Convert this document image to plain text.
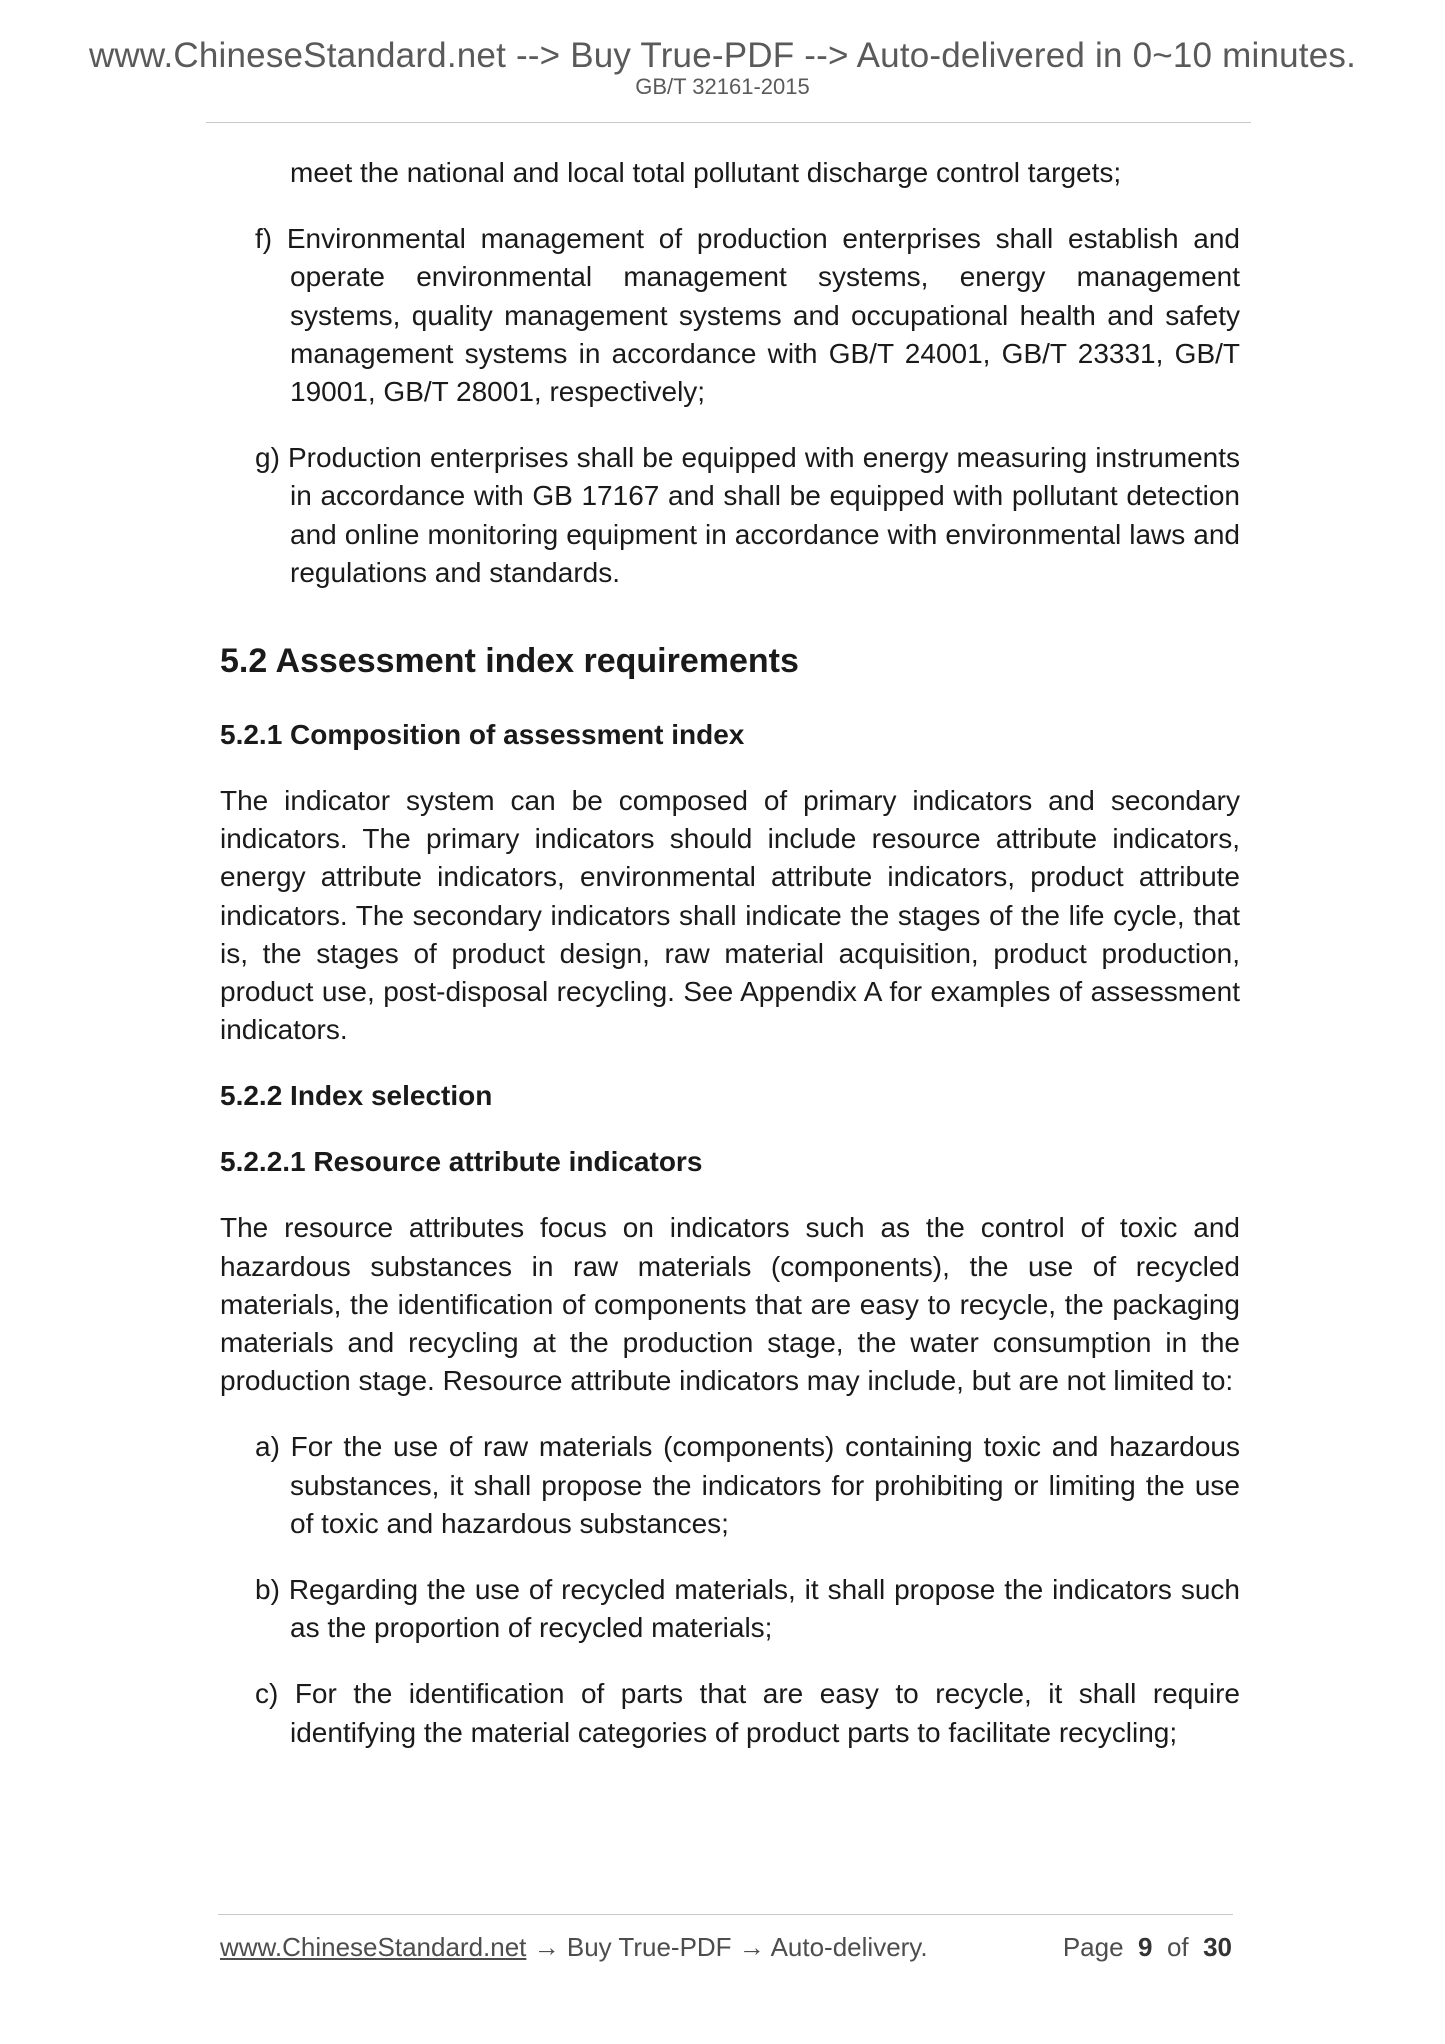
www.ChineseStandard.net --> Buy True-PDF --> Auto-delivered in 0~10 minutes.
GB/T 32161-2015

meet the national and local total pollutant discharge control targets;

f) Environmental management of production enterprises shall establish and operate environmental management systems, energy management systems, quality management systems and occupational health and safety management systems in accordance with GB/T 24001, GB/T 23331, GB/T 19001, GB/T 28001, respectively;

g) Production enterprises shall be equipped with energy measuring instruments in accordance with GB 17167 and shall be equipped with pollutant detection and online monitoring equipment in accordance with environmental laws and regulations and standards.

5.2 Assessment index requirements

5.2.1 Composition of assessment index

The indicator system can be composed of primary indicators and secondary indicators. The primary indicators should include resource attribute indicators, energy attribute indicators, environmental attribute indicators, product attribute indicators. The secondary indicators shall indicate the stages of the life cycle, that is, the stages of product design, raw material acquisition, product production, product use, post-disposal recycling. See Appendix A for examples of assessment indicators.

5.2.2 Index selection

5.2.2.1 Resource attribute indicators

The resource attributes focus on indicators such as the control of toxic and hazardous substances in raw materials (components), the use of recycled materials, the identification of components that are easy to recycle, the packaging materials and recycling at the production stage, the water consumption in the production stage. Resource attribute indicators may include, but are not limited to:

a) For the use of raw materials (components) containing toxic and hazardous substances, it shall propose the indicators for prohibiting or limiting the use of toxic and hazardous substances;

b) Regarding the use of recycled materials, it shall propose the indicators such as the proportion of recycled materials;

c) For the identification of parts that are easy to recycle, it shall require identifying the material categories of product parts to facilitate recycling;

www.ChineseStandard.net → Buy True-PDF → Auto-delivery.	Page 9 of 30
